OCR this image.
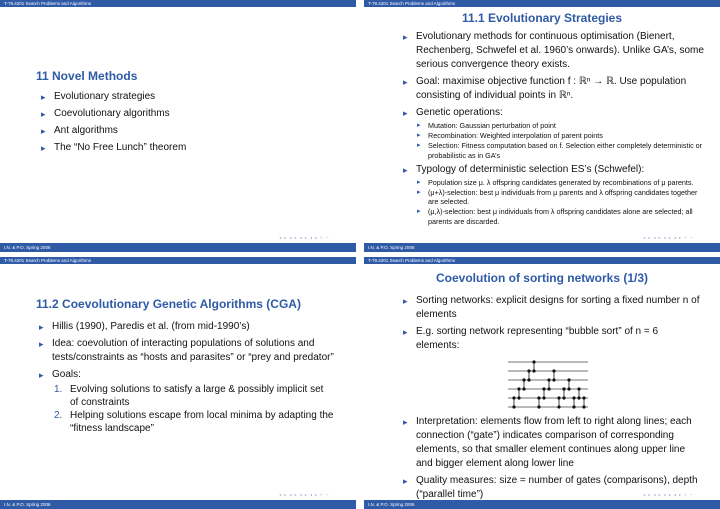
T-79.4201 Search Problems and Algorithms
11 Novel Methods
▸ Evolutionary strategies
▸ Coevolutionary algorithms
▸ Ant algorithms
▸ The “No Free Lunch” theorem
◂ ▸ ◂ ▸ ◂ ▸ ◂ ▸ ≡ ∽
I.N. & P.O. Spring 2006
T-79.4201 Search Problems and Algorithms
11.1 Evolutionary Strategies
▸ Evolutionary methods for continuous optimisation (Bienert, Rechenberg, Schwefel et al. 1960’s onwards). Unlike GA’s, some serious convergence theory exists.
▸ Goal: maximise objective function f : ℝⁿ → ℝ. Use population consisting of individual points in ℝⁿ.
▸ Genetic operations:
▸ Mutation: Gaussian perturbation of point
▸ Recombination: Weighted interpolation of parent points
▸ Selection: Fitness computation based on f. Selection either completely deterministic or probabilistic as in GA’s
▸ Typology of deterministic selection ES’s (Schwefel):
▸ Population size μ. λ offspring candidates generated by recombinations of μ parents.
▸ (μ+λ)-selection: best μ individuals from μ parents and λ offspring candidates together are selected.
▸ (μ,λ)-selection: best μ individuals from λ offspring candidates alone are selected; all parents are discarded.
◂ ▸ ◂ ▸ ◂ ▸ ◂ ▸ ≡ ∽
I.N. & P.O. Spring 2006
T-79.4201 Search Problems and Algorithms
11.2 Coevolutionary Genetic Algorithms (CGA)
▸ Hillis (1990), Paredis et al. (from mid-1990’s)
▸ Idea: coevolution of interacting populations of solutions and tests/constraints as “hosts and parasites” or “prey and predator”
▸ Goals:
1. Evolving solutions to satisfy a large & possibly implicit set of constraints
2. Helping solutions escape from local minima by adapting the “fitness landscape”
◂ ▸ ◂ ▸ ◂ ▸ ◂ ▸ ≡ ∽
I.N. & P.O. Spring 2006
T-79.4201 Search Problems and Algorithms
Coevolution of sorting networks (1/3)
▸ Sorting networks: explicit designs for sorting a fixed number n of elements
▸ E.g. sorting network representing “bubble sort” of n = 6 elements:
▸ Interpretation: elements flow from left to right along lines; each connection (“gate”) indicates comparison of corresponding elements, so that smaller element continues along upper line and bigger element along lower line
▸ Quality measures: size = number of gates (comparisons), depth (“parallel time”)	◂ ▸ ◂ ▸ ◂ ▸ ◂ ▸ ≡ ∽
I.N. & P.O. Spring 2006
